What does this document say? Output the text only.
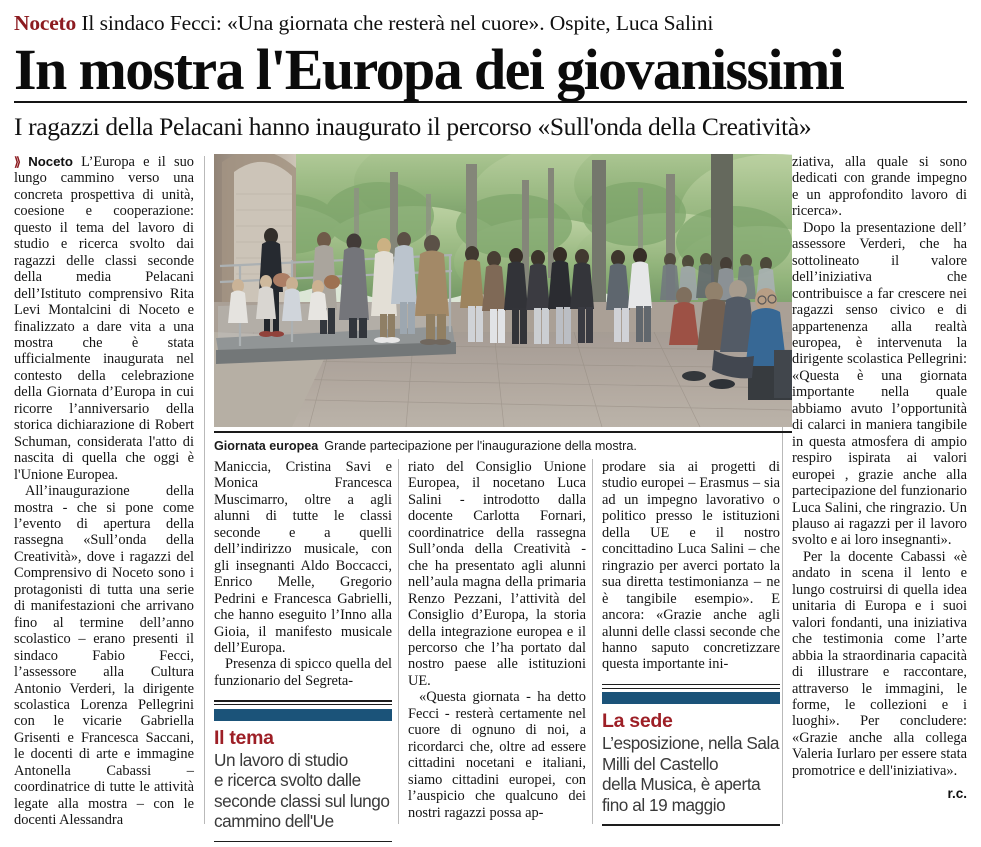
Noceto Il sindaco Fecci: «Una giornata che resterà nel cuore». Ospite, Luca Salini
In mostra l'Europa dei giovanissimi
I ragazzi della Pelacani hanno inaugurato il percorso «Sull'onda della Creatività»

⟫ Noceto L’Europa e il suo lungo cammino verso una concreta prospettiva di unità, coesione e cooperazione: questo il tema del lavoro di studio e ricerca svolto dai ragazzi delle classi seconde della media Pelacani dell’Istituto comprensivo Rita Levi Montalcini di Noceto e finalizzato a dare vita a una mostra che è stata ufficialmente inaugurata nel contesto della celebrazione della Giornata d’Europa in cui ricorre l’anniversario della storica dichiarazione di Robert Schuman, considerata l'atto di nascita di quella che oggi è l'Unione Europea.

All’inaugurazione della mostra - che si pone come l’evento di apertura della rassegna «Sull’onda della Creatività», dove i ragazzi del Comprensivo di Noceto sono i protagonisti di tutta una serie di manifestazioni che arrivano fino al termine dell’anno scolastico – erano presenti il sindaco Fabio Fecci, l’assessore alla Cultura Antonio Verderi, la dirigente scolastica Lorenza Pellegrini con le vicarie Gabriella Grisenti e Francesca Saccani, le docenti di arte e immagine Antonella Cabassi – coordinatrice di tutte le attività legate alla mostra – con le docenti Alessandra

Giornata europea Grande partecipazione per l'inaugurazione della mostra.

Maniccia, Cristina Savi e Monica Francesca Muscimarro, oltre a agli alunni di tutte le classi seconde e a quelli dell’indirizzo musicale, con gli insegnanti Aldo Boccacci, Enrico Melle, Gregorio Pedrini e Francesca Gabrielli, che hanno eseguito l’Inno alla Gioia, il manifesto musicale dell’Europa.

Presenza di spicco quella del funzionario del Segreta-

Il tema
Un lavoro di studio
e ricerca svolto dalle
seconde classi sul lungo
cammino dell'Ue

riato del Consiglio Unione Europea, il nocetano Luca Salini - introdotto dalla docente Carlotta Fornari, coordinatrice della rassegna Sull’onda della Creatività - che ha presentato agli alunni nell’aula magna della primaria Renzo Pezzani, l’attività del Consiglio d’Europa, la storia della integrazione europea e il percorso che l’ha portato dal nostro paese alle istituzioni UE.

«Questa giornata - ha detto Fecci - resterà certamente nel cuore di ognuno di noi, a ricordarci che, oltre ad essere cittadini nocetani e italiani, siamo cittadini europei, con l’auspicio che qualcuno dei nostri ragazzi possa ap-

prodare sia ai progetti di studio europei – Erasmus – sia ad un impegno lavorativo o politico presso le istituzioni della UE e il nostro concittadino Luca Salini – che ringrazio per averci portato la sua diretta testimonianza – ne è tangibile esempio». E ancora: «Grazie anche agli alunni delle classi seconde che hanno saputo concretizzare questa importante ini-

La sede
L’esposizione, nella Sala
Milli del Castello
della Musica, è aperta
fino al 19 maggio

ziativa, alla quale si sono dedicati con grande impegno e un approfondito lavoro di ricerca».

Dopo la presentazione dell’ assessore Verderi, che ha sottolineato il valore dell’iniziativa che contribuisce a far crescere nei ragazzi senso civico e di appartenenza alla realtà europea, è intervenuta la dirigente scolastica Pellegrini: «Questa è una giornata importante nella quale abbiamo avuto l’opportunità di calarci in maniera tangibile in questa atmosfera di ampio respiro ispirata ai valori europei , grazie anche alla partecipazione del funzionario Luca Salini, che ringrazio. Un plauso ai ragazzi per il lavoro svolto e ai loro insegnanti».

Per la docente Cabassi «è andato in scena il lento e lungo costruirsi di quella idea unitaria di Europa e i suoi valori fondanti, una iniziativa che testimonia come l’arte abbia la straordinaria capacità di illustrare e raccontare, attraverso le immagini, le forme, le collezioni e i luoghi». Per concludere: «Grazie anche alla collega Valeria Iurlaro per essere stata promotrice e dell'iniziativa».

r.c.
